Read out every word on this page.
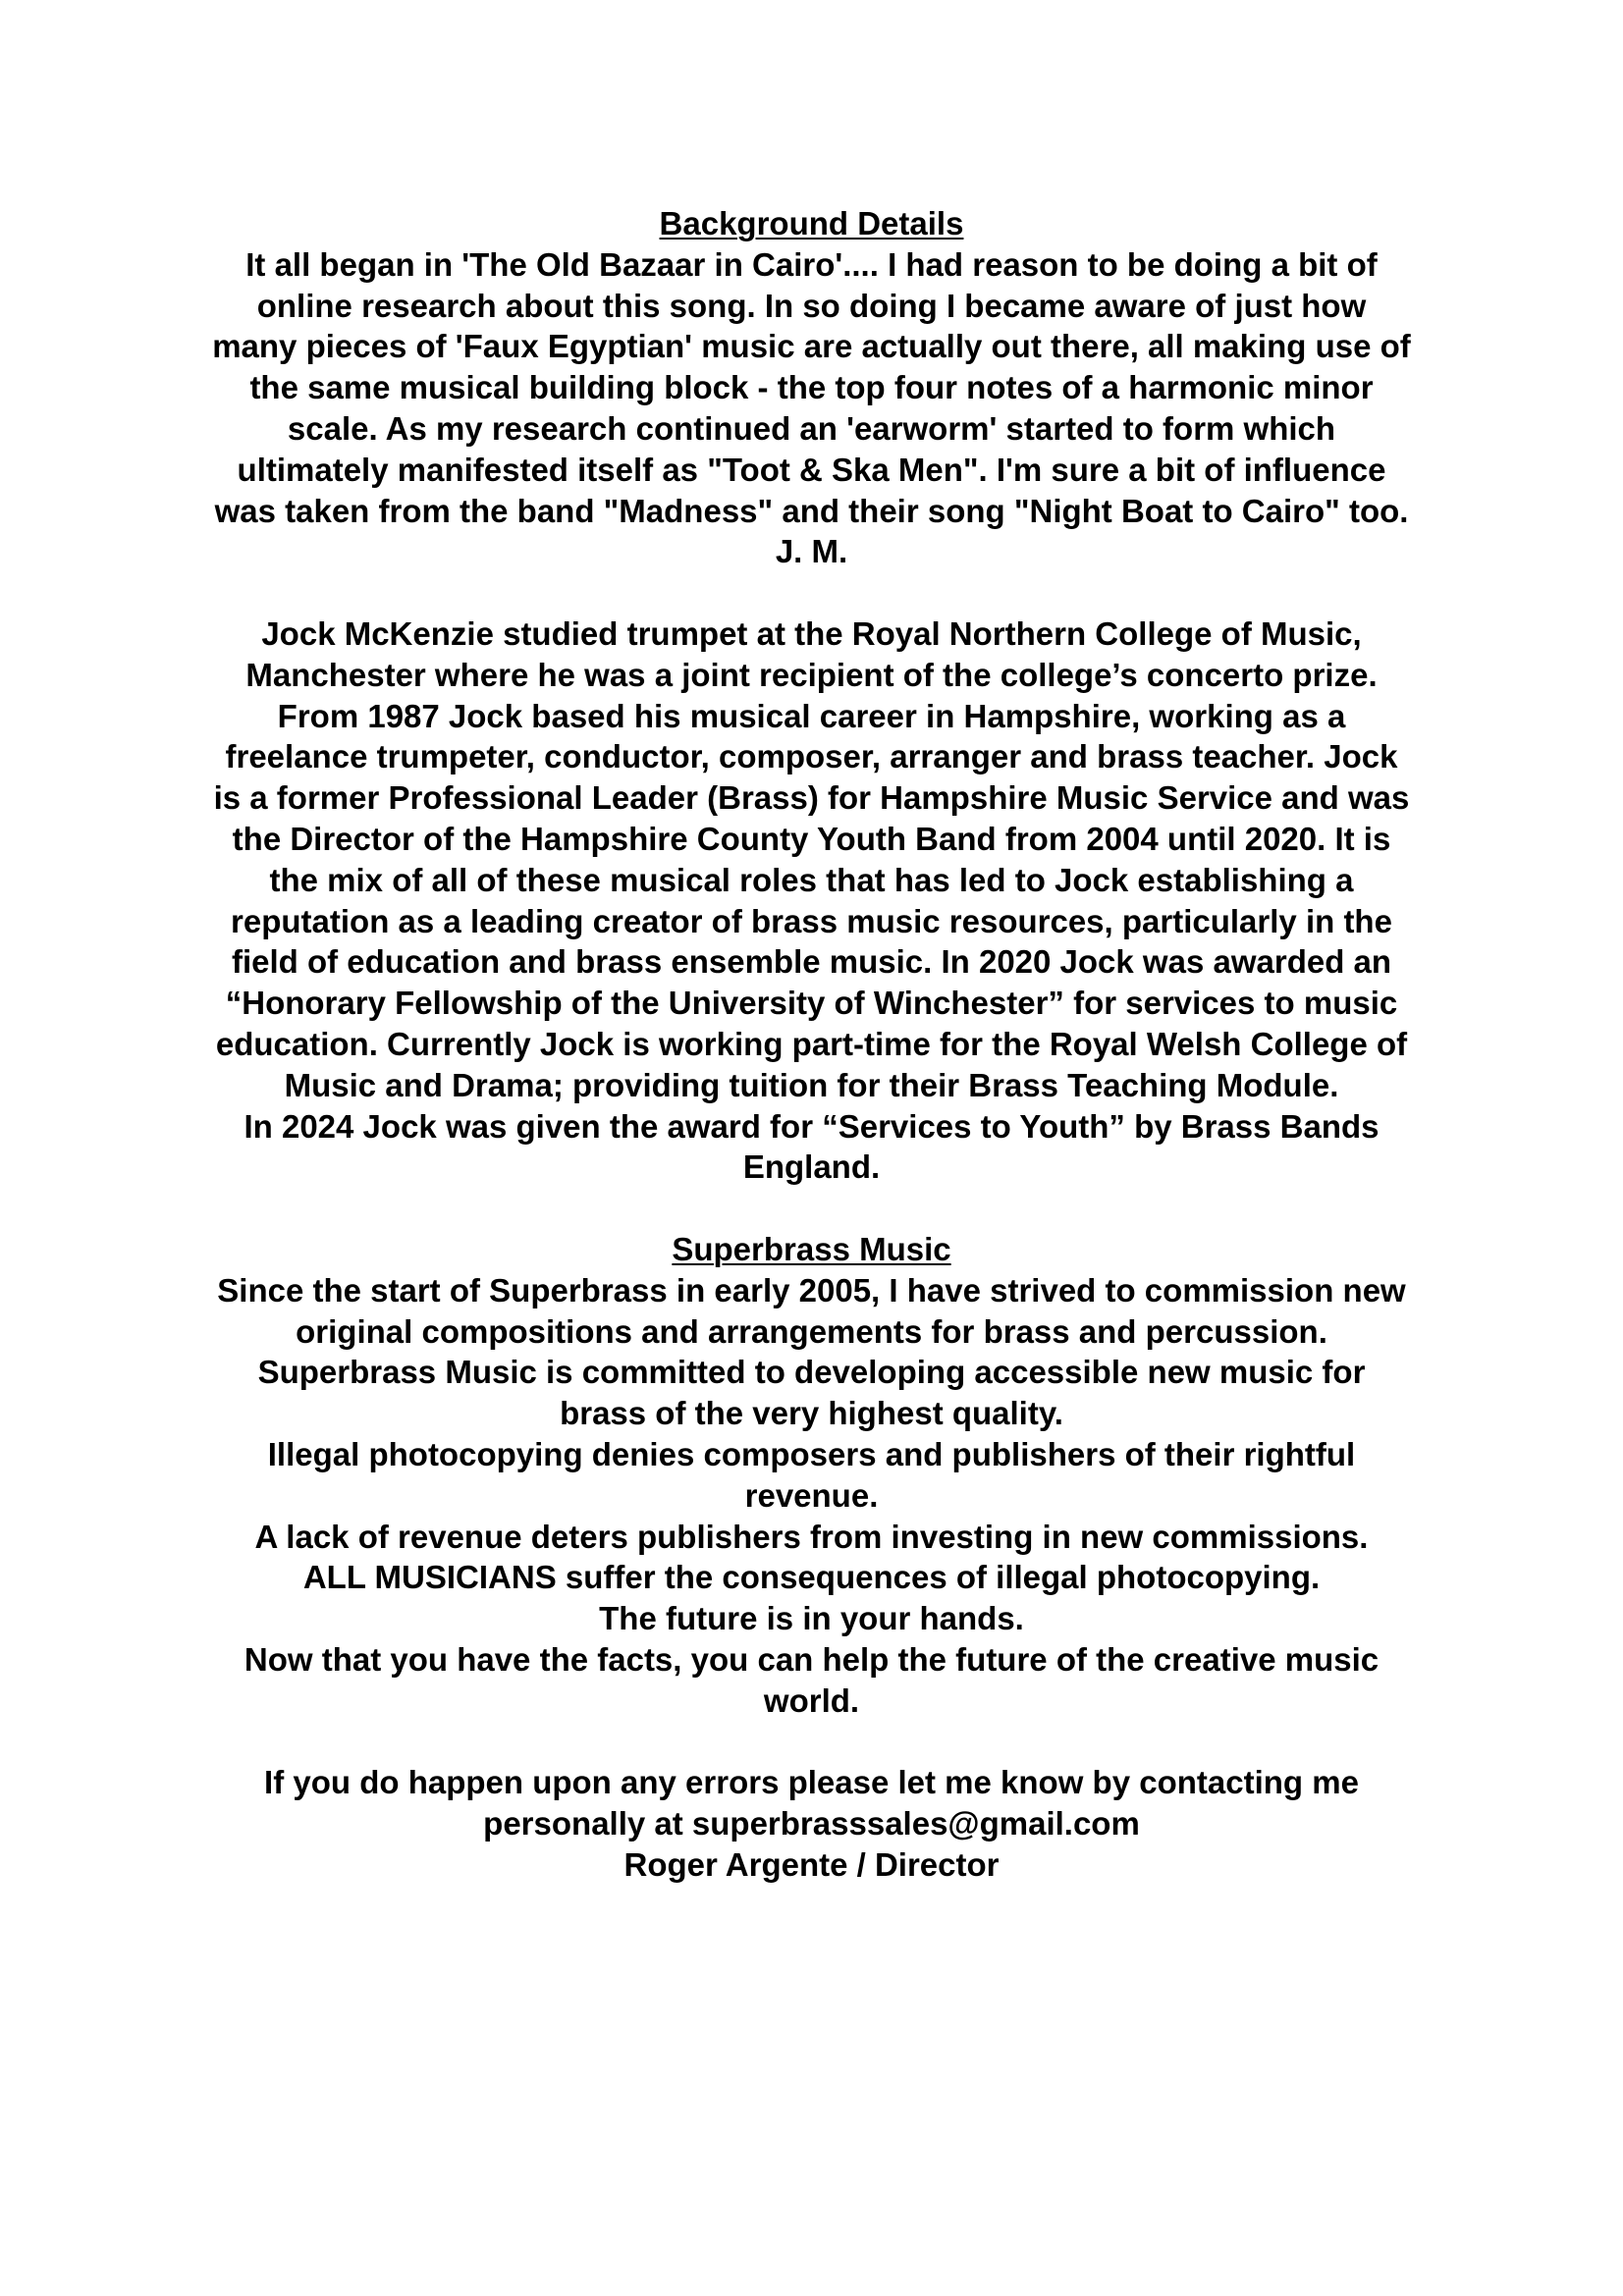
Background Details
It all began in 'The Old Bazaar in Cairo'.... I had reason to be doing a bit of
online research about this song. In so doing I became aware of just how
many pieces of 'Faux Egyptian' music are actually out there, all making use of
the same musical building block - the top four notes of a harmonic minor
scale. As my research continued an 'earworm' started to form which
ultimately manifested itself as "Toot & Ska Men". I'm sure a bit of influence
was taken from the band "Madness" and their song "Night Boat to Cairo" too.
J. M.
Jock McKenzie studied trumpet at the Royal Northern College of Music,
Manchester where he was a joint recipient of the college’s concerto prize.
From 1987 Jock based his musical career in Hampshire, working as a
freelance trumpeter, conductor, composer, arranger and brass teacher. Jock
is a former Professional Leader (Brass) for Hampshire Music Service and was
the Director of the Hampshire County Youth Band from 2004 until 2020. It is
the mix of all of these musical roles that has led to Jock establishing a
reputation as a leading creator of brass music resources, particularly in the
field of education and brass ensemble music. In 2020 Jock was awarded an
“Honorary Fellowship of the University of Winchester” for services to music
education. Currently Jock is working part-time for the Royal Welsh College of
Music and Drama; providing tuition for their Brass Teaching Module.
In 2024 Jock was given the award for “Services to Youth” by Brass Bands
England.
Superbrass Music
Since the start of Superbrass in early 2005, I have strived to commission new
original compositions and arrangements for brass and percussion.
Superbrass Music is committed to developing accessible new music for
brass of the very highest quality.
Illegal photocopying denies composers and publishers of their rightful
revenue.
A lack of revenue deters publishers from investing in new commissions.
ALL MUSICIANS suffer the consequences of illegal photocopying.
The future is in your hands.
Now that you have the facts, you can help the future of the creative music
world.
If you do happen upon any errors please let me know by contacting me
personally at superbrasssales@gmail.com
Roger Argente / Director
